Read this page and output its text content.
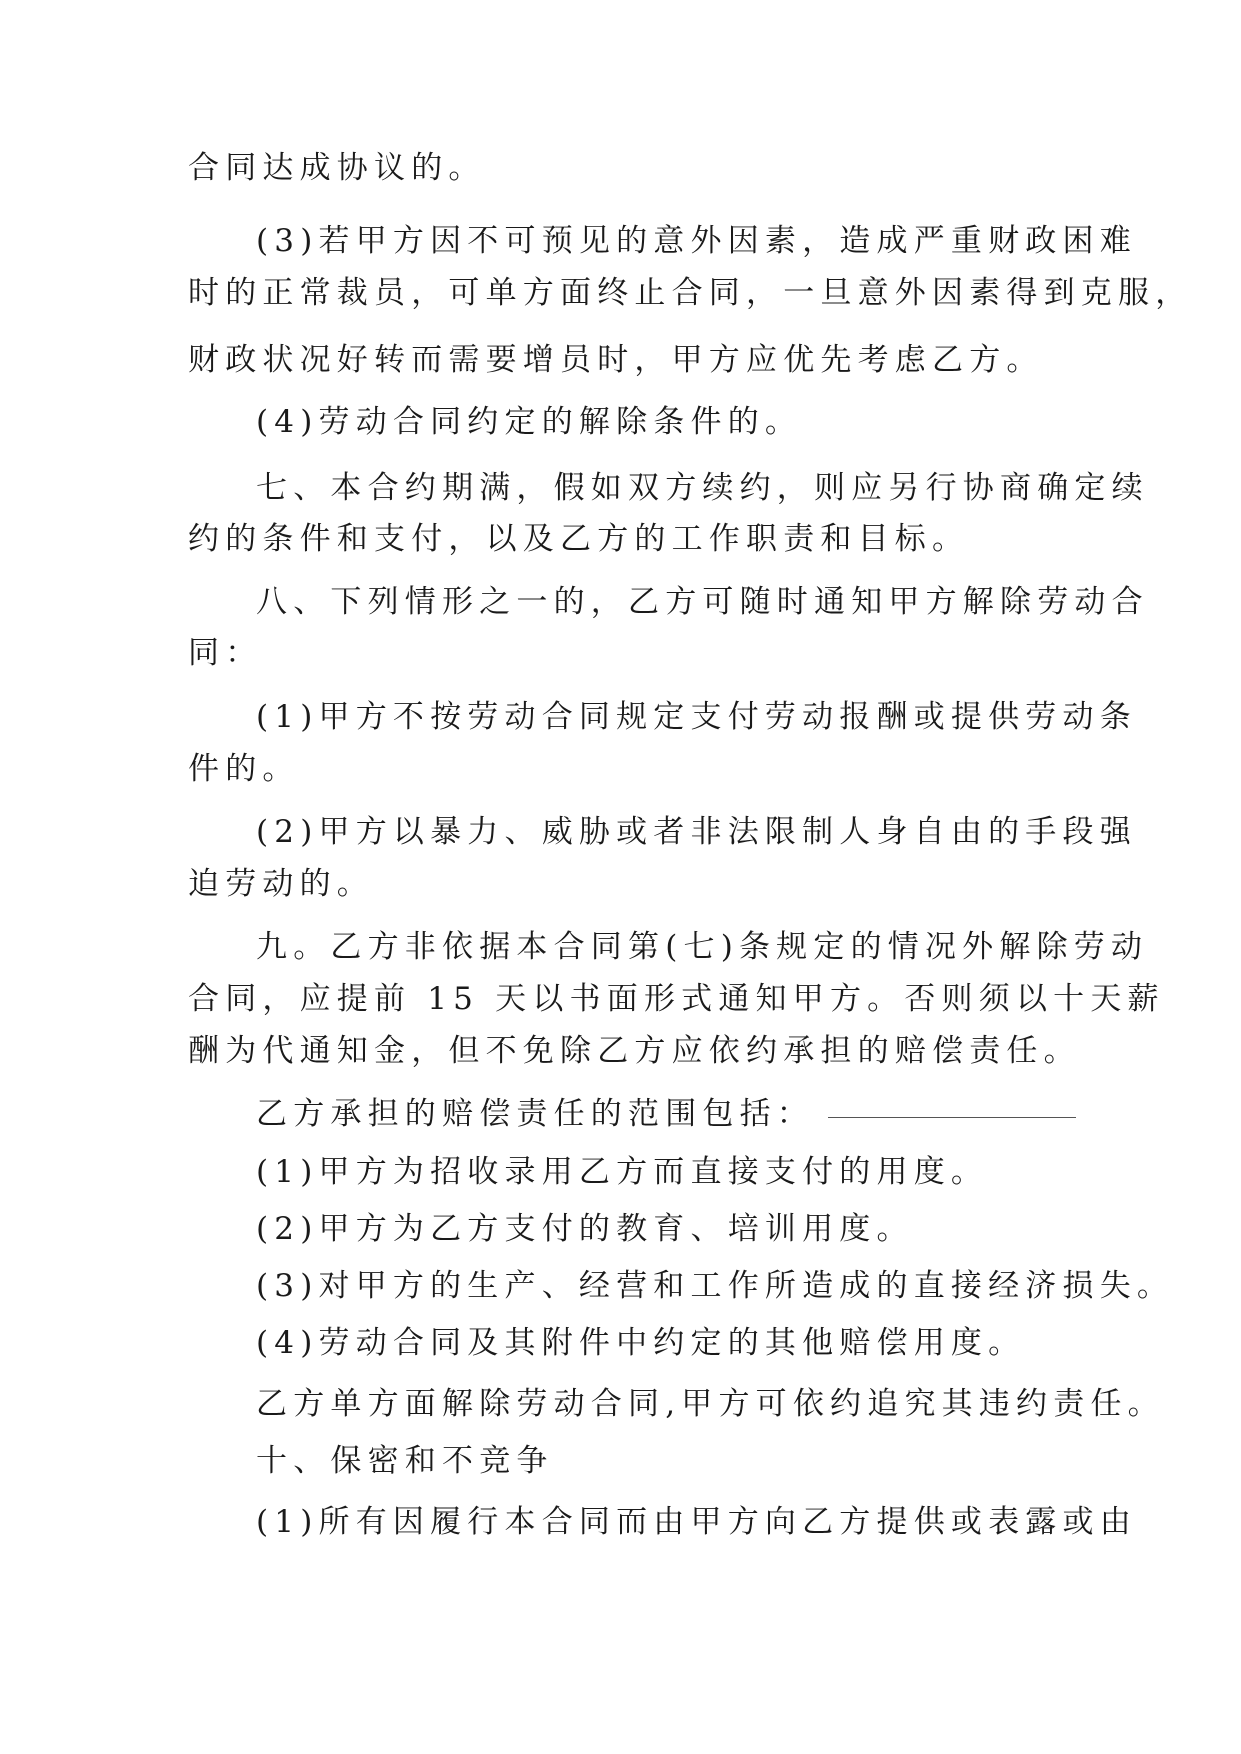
合同达成协议的。
(3)若甲方因不可预见的意外因素，造成严重财政困难
时的正常裁员，可单方面终止合同，一旦意外因素得到克服，
财政状况好转而需要增员时，甲方应优先考虑乙方。
(4)劳动合同约定的解除条件的。
七、本合约期满，假如双方续约，则应另行协商确定续
约的条件和支付，以及乙方的工作职责和目标。
八、下列情形之一的，乙方可随时通知甲方解除劳动合
同：
(1)甲方不按劳动合同规定支付劳动报酬或提供劳动条
件的。
(2)甲方以暴力、威胁或者非法限制人身自由的手段强
迫劳动的。
九。乙方非依据本合同第(七)条规定的情况外解除劳动
合同，应提前 15 天以书面形式通知甲方。否则须以十天薪
酬为代通知金，但不免除乙方应依约承担的赔偿责任。
乙方承担的赔偿责任的范围包括：
(1)甲方为招收录用乙方而直接支付的用度。
(2)甲方为乙方支付的教育、培训用度。
(3)对甲方的生产、经营和工作所造成的直接经济损失。
(4)劳动合同及其附件中约定的其他赔偿用度。
乙方单方面解除劳动合同,甲方可依约追究其违约责任。
十、保密和不竞争
(1)所有因履行本合同而由甲方向乙方提供或表露或由
